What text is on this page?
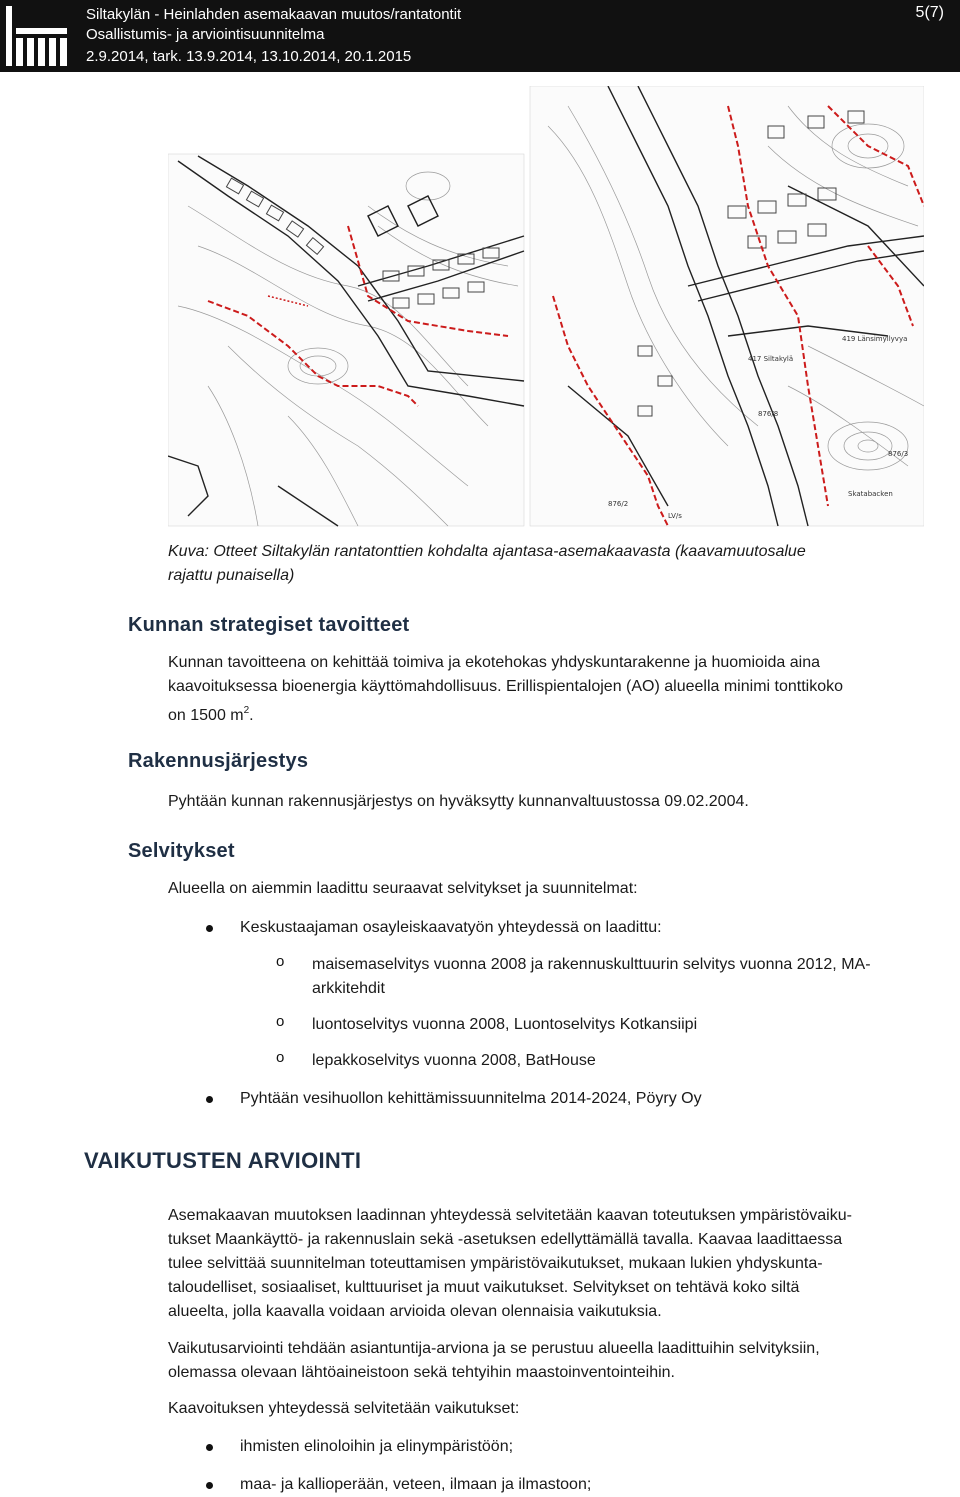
Siltakylän - Heinlahden asemakaavan muutos/rantatontit
Osallistumis- ja arviointisuunnitelma
2.9.2014, tark. 13.9.2014, 13.10.2014, 20.1.2015
5(7)
417 Siltakylä
419 Länsimyllyvya
876/8
876/2
Skatabacken
LV/s
876/3
Kuva: Otteet Siltakylän rantatonttien kohdalta ajantasa-asemakaavasta (kaavamuutosalue
rajattu punaisella)
Kunnan strategiset tavoitteet
Kunnan tavoitteena on kehittää toimiva ja ekotehokas yhdyskuntarakenne ja huomioida aina
kaavoituksessa bioenergia käyttömahdollisuus. Erillispientalojen (AO) alueella minimi tonttikoko
on 1500 $m^2$.
Rakennusjärjestys
Pyhtään kunnan rakennusjärjestys on hyväksytty kunnanvaltuustossa 09.02.2004.
Selvitykset
Alueella on aiemmin laadittu seuraavat selvitykset ja suunnitelmat:
Keskustaajaman osayleiskaavatyön yhteydessä on laadittu:
o maisemaselvitys vuonna 2008 ja rakennuskulttuurin selvitys vuonna 2012, MA-
arkkitehdit
o luontoselvitys vuonna 2008, Luontoselvitys Kotkansiipi
o lepakkoselvitys vuonna 2008, BatHouse
Pyhtään vesihuollon kehittämissuunnitelma 2014-2024, Pöyry Oy
VAIKUTUSTEN ARVIOINTI
Asemakaavan muutoksen laadinnan yhteydessä selvitetään kaavan toteutuksen ympäristövaiku-
tukset Maankäyttö- ja rakennuslain sekä -asetuksen edellyttämällä tavalla. Kaavaa laadittaessa
tulee selvittää suunnitelman toteuttamisen ympäristövaikutukset, mukaan lukien yhdyskunta-
taloudelliset, sosiaaliset, kulttuuriset ja muut vaikutukset. Selvitykset on tehtävä koko siltä
alueelta, jolla kaavalla voidaan arvioida olevan olennaisia vaikutuksia.
Vaikutusarviointi tehdään asiantuntija-arviona ja se perustuu alueella laadittuihin selvityksiin,
olemassa olevaan lähtöaineistoon sekä tehtyihin maastoinventointeihin.
Kaavoituksen yhteydessä selvitetään vaikutukset:
ihmisten elinoloihin ja elinympäristöön;
maa- ja kallioperään, veteen, ilmaan ja ilmastoon;
